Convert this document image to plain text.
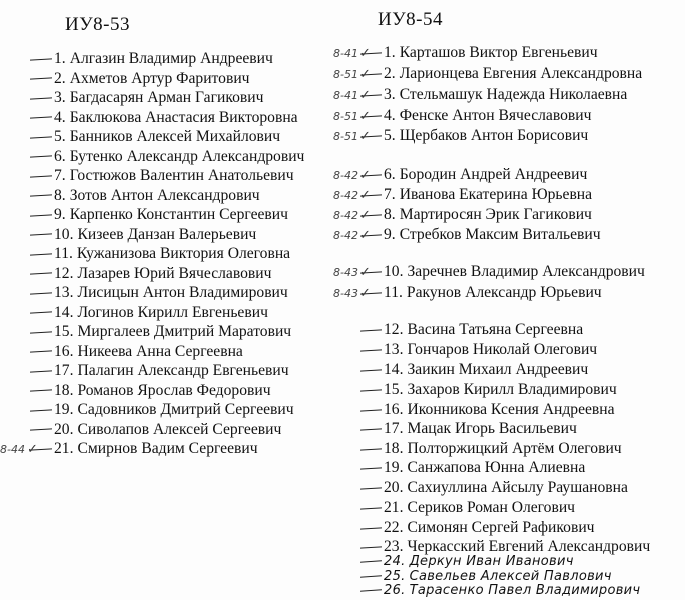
ИУ8-53	ИУ8-54
1. Алгазин Владимир Андреевич
2. Ахметов Артур Фаритович
3. Багдасарян Арман Гагикович
4. Баклюкова Анастасия Викторовна
5. Банников Алексей Михайлович
6. Бутенко Александр Александрович
7. Гостюжов Валентин Анатольевич
8. Зотов Антон Александрович
9. Карпенко Константин Сергеевич
10. Кизеев Данзан Валерьевич
11. Кужанизова Виктория Олеговна
12. Лазарев Юрий Вячеславович
13. Лисицын Антон Владимирович
14. Логинов Кирилл Евгеньевич
15. Миргалеев Дмитрий Маратович
16. Никеева Анна Сергеевна
17. Палагин Александр Евгеньевич
18. Романов Ярослав Федорович
19. Садовников Дмитрий Сергеевич
20. Сиволапов Алексей Сергеевич
21. Смирнов Вадим Сергеевич
8-44 ✓
1. Карташов Виктор Евгеньевич
8-41 ✓
2. Ларионцева Евгения Александровна
8-51 ✓
3. Стельмашук Надежда Николаевна
8-41 ✓
4. Фенске Антон Вячеславович
8-51 ✓
5. Щербаков Антон Борисович
8-51 ✓
6. Бородин Андрей Андреевич
8-42 ✓
7. Иванова Екатерина Юрьевна
8-42 ✓
8. Мартиросян Эрик Гагикович
8-42 ✓
9. Стребков Максим Витальевич
8-42 ✓
10. Заречнев Владимир Александрович
8-43 ✓
11. Ракунов Александр Юрьевич
8-43 ✓
12. Васина Татьяна Сергеевна
13. Гончаров Николай Олегович
14. Заикин Михаил Андреевич
15. Захаров Кирилл Владимирович
16. Иконникова Ксения Андреевна
17. Мацак Игорь Васильевич
18. Полторжицкий Артём Олегович
19. Санжапова Юнна Алиевна
20. Сахиуллина Айсылу Раушановна
21. Сериков Роман Олегович
22. Симонян Сергей Рафикович
23. Черкасский Евгений Александрович
24. Деркун Иван Иванович
25. Савельев Алексей Павлович
26. Тарасенко Павел Владимирович
